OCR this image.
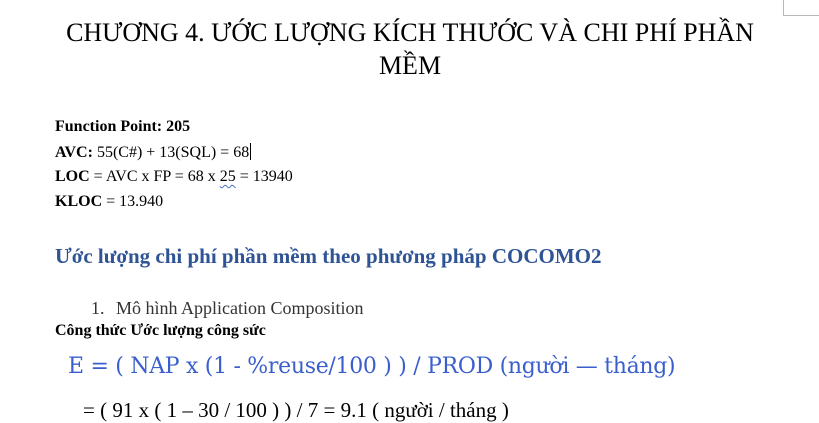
CHƯƠNG 4. ƯỚC LƯỢNG KÍCH THƯỚC VÀ CHI PHÍ PHẦN
MỀM
Function Point: 205
AVC: 55(C#) + 13(SQL) = 68
LOC = AVC x FP = 68 x 25 = 13940
KLOC = 13.940
Ước lượng chi phí phần mềm theo phương pháp COCOMO2
1. Mô hình Application Composition
Công thức Ước lượng công sức
E = ( NAP x (1 - %reuse/100 ) ) / PROD (người — tháng)
= ( 91 x ( 1 – 30 / 100 ) ) / 7 = 9.1 ( người / tháng )
